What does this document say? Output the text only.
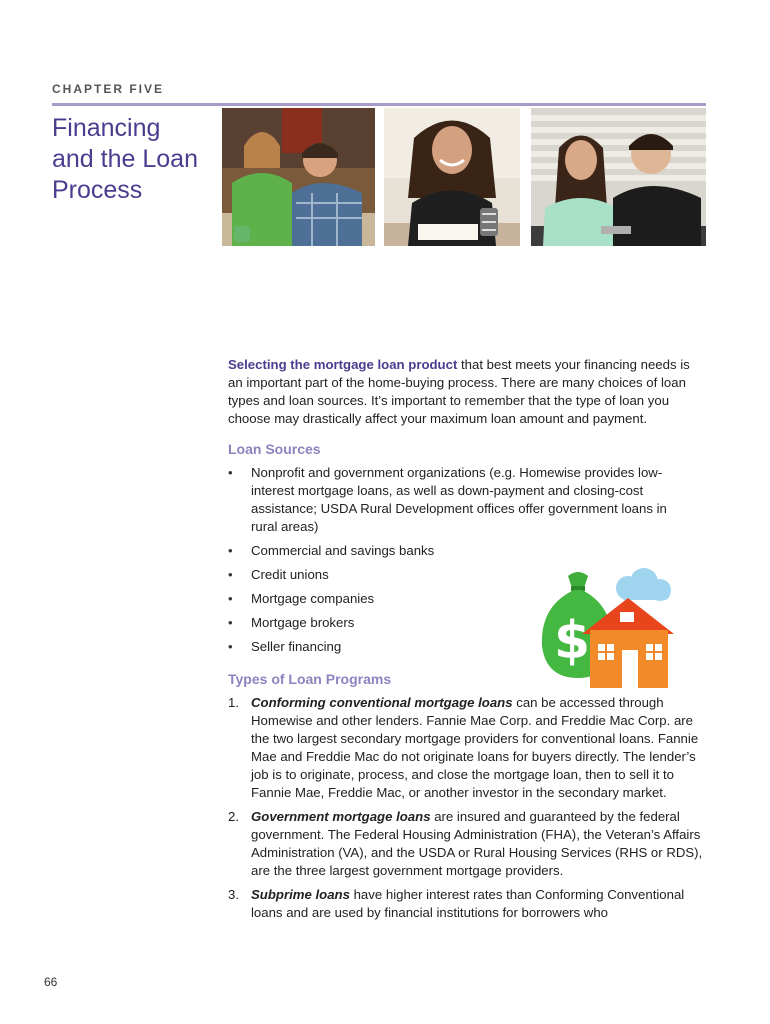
CHAPTER FIVE
Financing
and the Loan
Process

Selecting the mortgage loan product that best meets your financing needs is an important part of the home-buying process. There are many choices of loan types and loan sources. It’s important to remember that the type of loan you choose may drastically affect your maximum loan amount and payment.

Loan Sources
• Nonprofit and government organizations (e.g. Homewise provides low-interest mortgage loans, as well as down-payment and closing-cost assistance; USDA Rural Development offices offer government loans in rural areas)
• Commercial and savings banks
• Credit unions
• Mortgage companies
• Mortgage brokers
• Seller financing
Types of Loan Programs
1. Conforming conventional mortgage loans can be accessed through Homewise and other lenders. Fannie Mae Corp. and Freddie Mac Corp. are the two largest secondary mortgage providers for conventional loans. Fannie Mae and Freddie Mac do not originate loans for buyers directly. The lender’s job is to originate, process, and close the mortgage loan, then to sell it to Fannie Mae, Freddie Mac, or another investor in the secondary market.
2. Government mortgage loans are insured and guaranteed by the federal government. The Federal Housing Administration (FHA), the Veteran’s Affairs Administration (VA), and the USDA or Rural Housing Services (RHS or RDS), are the three largest government mortgage providers.
3. Subprime loans have higher interest rates than Conforming Conventional loans and are used by financial institutions for borrowers who
$
66
